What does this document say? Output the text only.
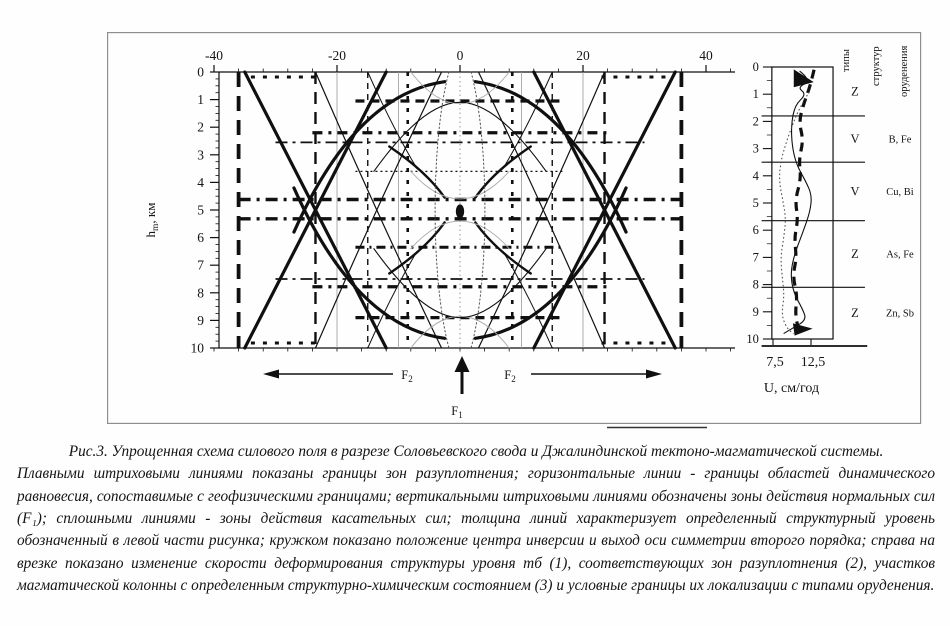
0
1
2
3
4
5
6
7
8
9
10
-40	-20	0	20	40
$h_m$, км
$F_2$	$F_2$
$F_1$
0
1
2
3
4
5
6
7
8
9
10
7,5 12,5
U, см/год
Z
V	B, Fe
V	Cu, Bi
Z	As, Fe
Z	Zn, Sb
типы структур оруденения
Рис.3. Упрощенная схема силового поля в разрезе Соловьевского свода и Джалиндинской тектоно-магматической системы.
Плавными штриховыми линиями показаны границы зон разуплотнения; горизонтальные линии - границы областей динамического равновесия, сопоставимые с геофизическими границами; вертикальными штриховыми линиями обозначены зоны действия нормальных сил (F₁); сплошными линиями - зоны действия касательных сил; толщина линий характеризует определенный структурный уровень обозначенный в левой части рисунка; кружком показано положение центра инверсии и выход оси симметрии второго порядка; справа на врезке показано изменение скорости деформирования структуры уровня тб (1), соответствующих зон разуплотнения (2), участков магматической колонны с определенным структурно-химическим состоянием (3) и условные границы их локализации с типами оруденения.
